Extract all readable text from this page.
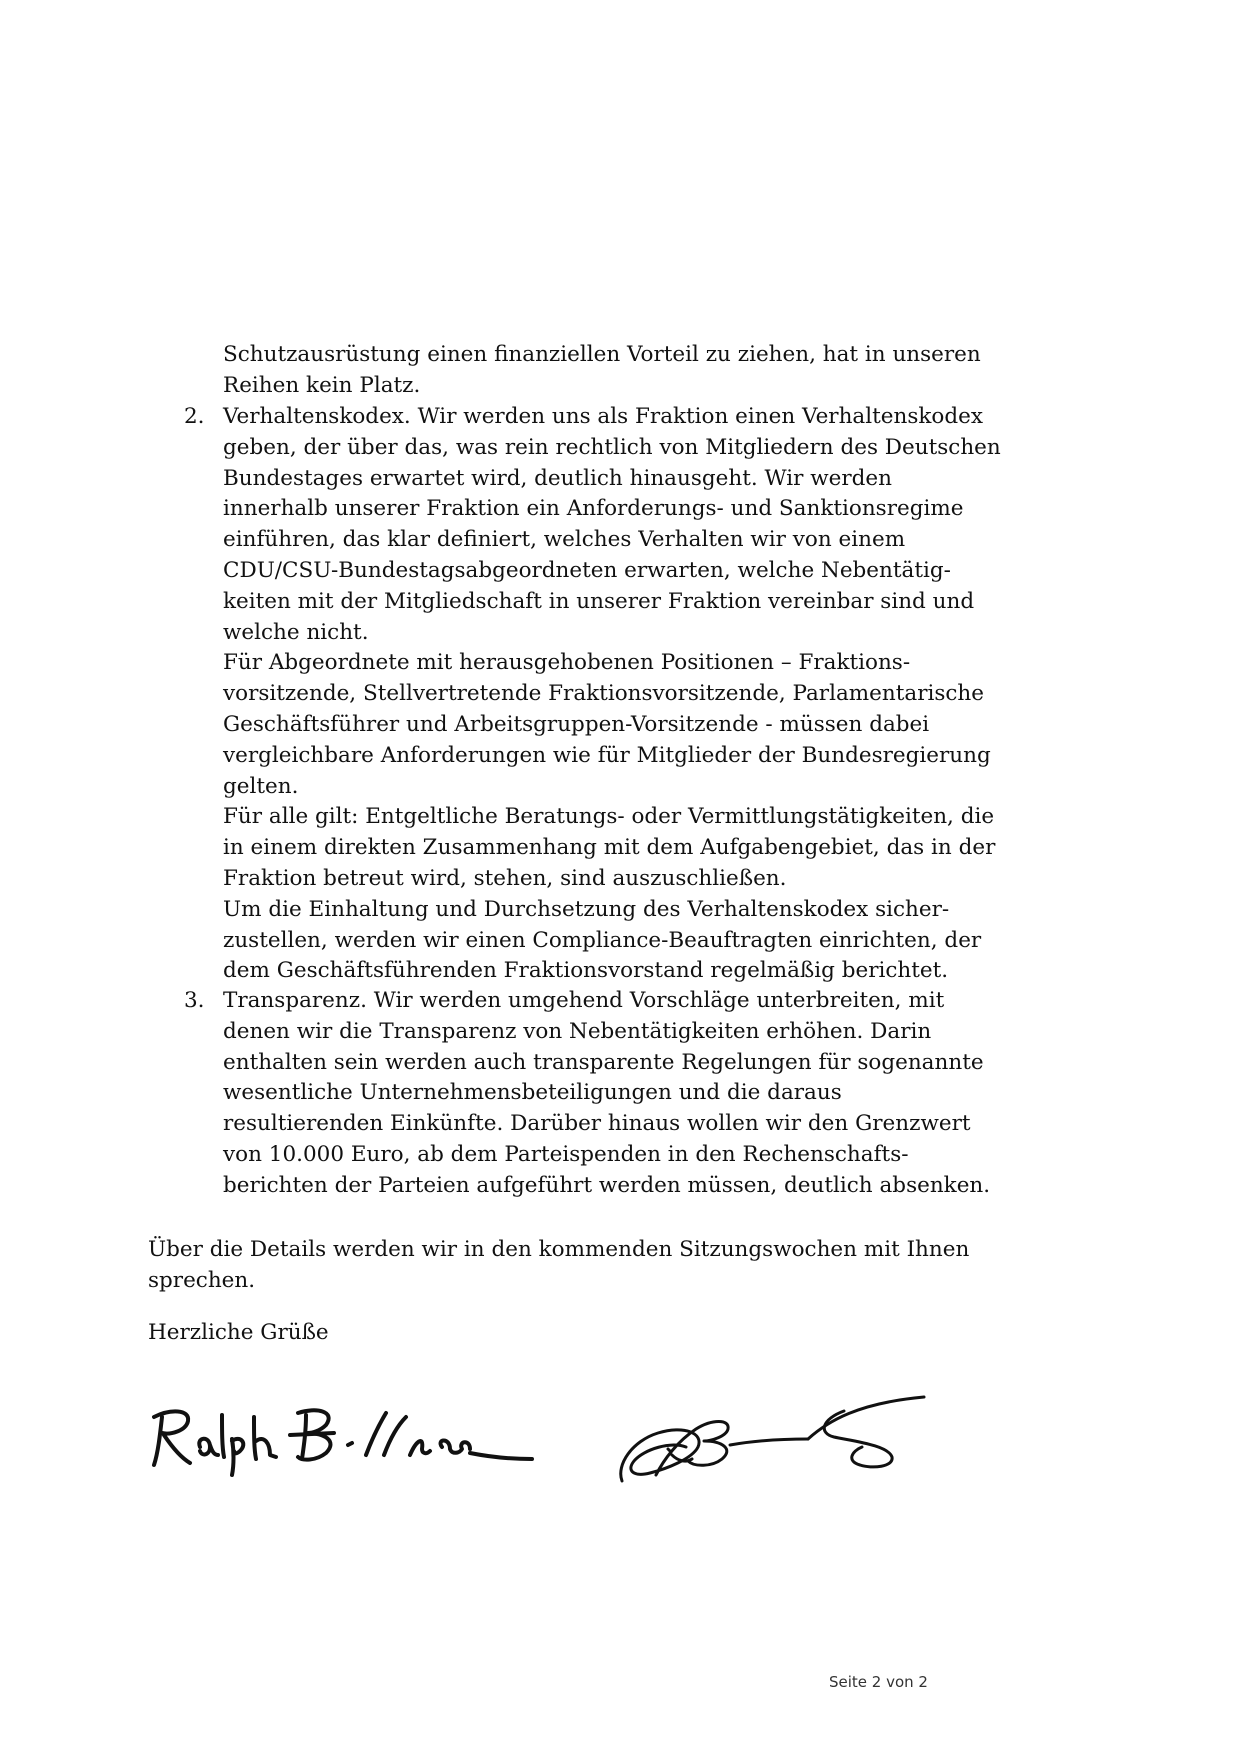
Schutzausrüstung einen finanziellen Vorteil zu ziehen, hat in unseren
Reihen kein Platz.
2. Verhaltenskodex. Wir werden uns als Fraktion einen Verhaltenskodex
geben, der über das, was rein rechtlich von Mitgliedern des Deutschen
Bundestages erwartet wird, deutlich hinausgeht. Wir werden
innerhalb unserer Fraktion ein Anforderungs- und Sanktionsregime
einführen, das klar definiert, welches Verhalten wir von einem
CDU/CSU-Bundestagsabgeordneten erwarten, welche Nebentätig-
keiten mit der Mitgliedschaft in unserer Fraktion vereinbar sind und
welche nicht.
Für Abgeordnete mit herausgehobenen Positionen – Fraktions-
vorsitzende, Stellvertretende Fraktionsvorsitzende, Parlamentarische
Geschäftsführer und Arbeitsgruppen-Vorsitzende - müssen dabei
vergleichbare Anforderungen wie für Mitglieder der Bundesregierung
gelten.
Für alle gilt: Entgeltliche Beratungs- oder Vermittlungstätigkeiten, die
in einem direkten Zusammenhang mit dem Aufgabengebiet, das in der
Fraktion betreut wird, stehen, sind auszuschließen.
Um die Einhaltung und Durchsetzung des Verhaltenskodex sicher-
zustellen, werden wir einen Compliance-Beauftragten einrichten, der
dem Geschäftsführenden Fraktionsvorstand regelmäßig berichtet.
3. Transparenz. Wir werden umgehend Vorschläge unterbreiten, mit
denen wir die Transparenz von Nebentätigkeiten erhöhen. Darin
enthalten sein werden auch transparente Regelungen für sogenannte
wesentliche Unternehmensbeteiligungen und die daraus
resultierenden Einkünfte. Darüber hinaus wollen wir den Grenzwert
von 10.000 Euro, ab dem Parteispenden in den Rechenschafts-
berichten der Parteien aufgeführt werden müssen, deutlich absenken.
Über die Details werden wir in den kommenden Sitzungswochen mit Ihnen
sprechen.
Herzliche Grüße
Seite 2 von 2
